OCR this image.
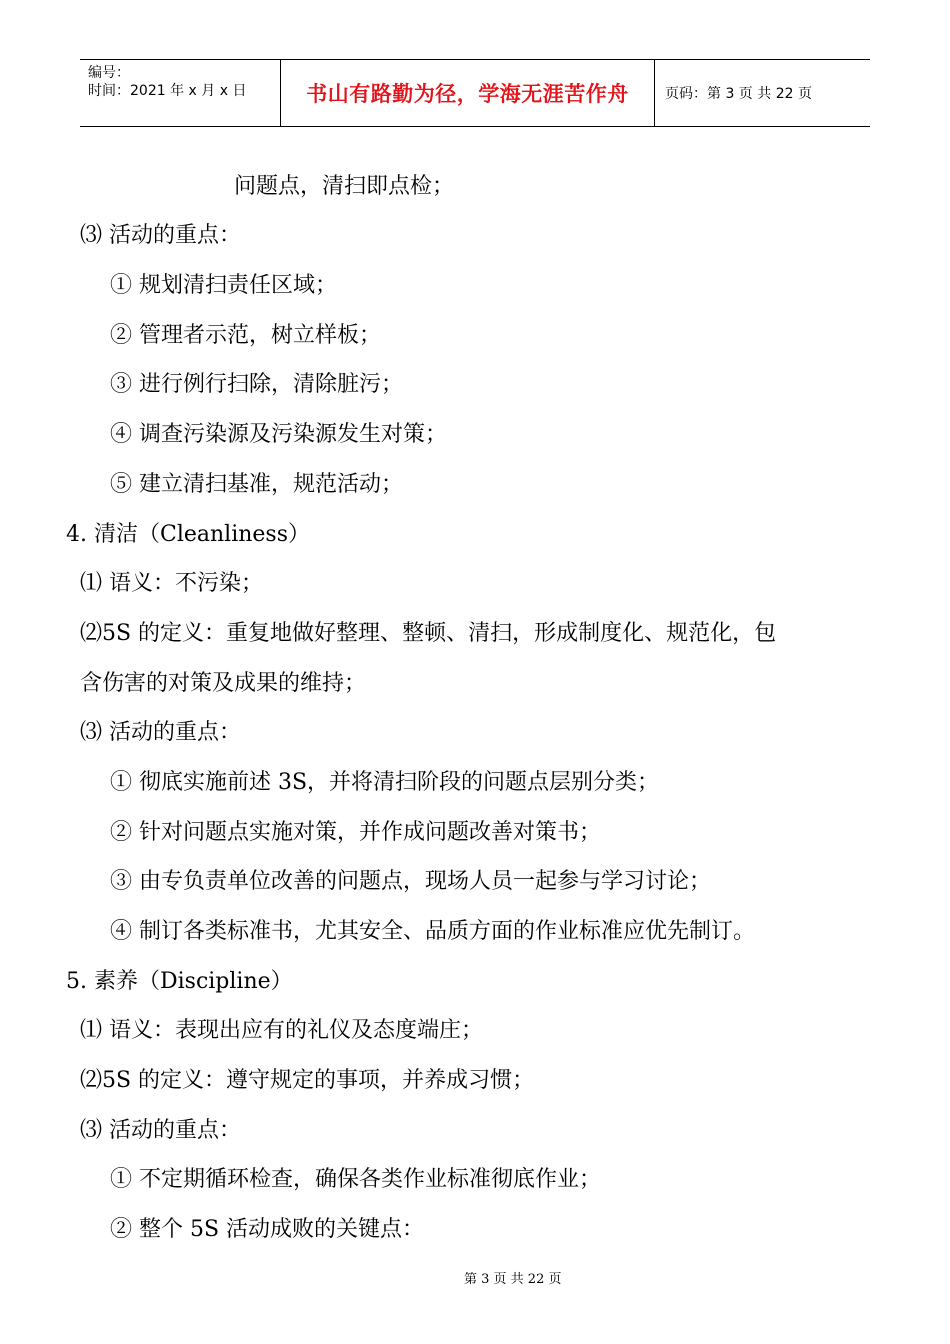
编号：
时间：2021 年 x 月 x 日	书山有路勤为径，学海无涯苦作舟	页码：第 3 页 共 22 页
问题点，清扫即点检；
⑶ 活动的重点：
① 规划清扫责任区域；
② 管理者示范，树立样板；
③ 进行例行扫除，清除脏污；
④ 调查污染源及污染源发生对策；
⑤ 建立清扫基准，规范活动；
4. 清洁（Cleanliness）
⑴ 语义：不污染；
⑵5S 的定义：重复地做好整理、整顿、清扫，形成制度化、规范化，包
含伤害的对策及成果的维持；
⑶ 活动的重点：
① 彻底实施前述 3S，并将清扫阶段的问题点层别分类；
② 针对问题点实施对策，并作成问题改善对策书；
③ 由专负责单位改善的问题点，现场人员一起参与学习讨论；
④ 制订各类标准书，尤其安全、品质方面的作业标准应优先制订。
5. 素养（Discipline）
⑴ 语义：表现出应有的礼仪及态度端庄；
⑵5S 的定义：遵守规定的事项，并养成习惯；
⑶ 活动的重点：
① 不定期循环检查，确保各类作业标准彻底作业；
② 整个 5S 活动成败的关键点：
第 3 页 共 22 页
